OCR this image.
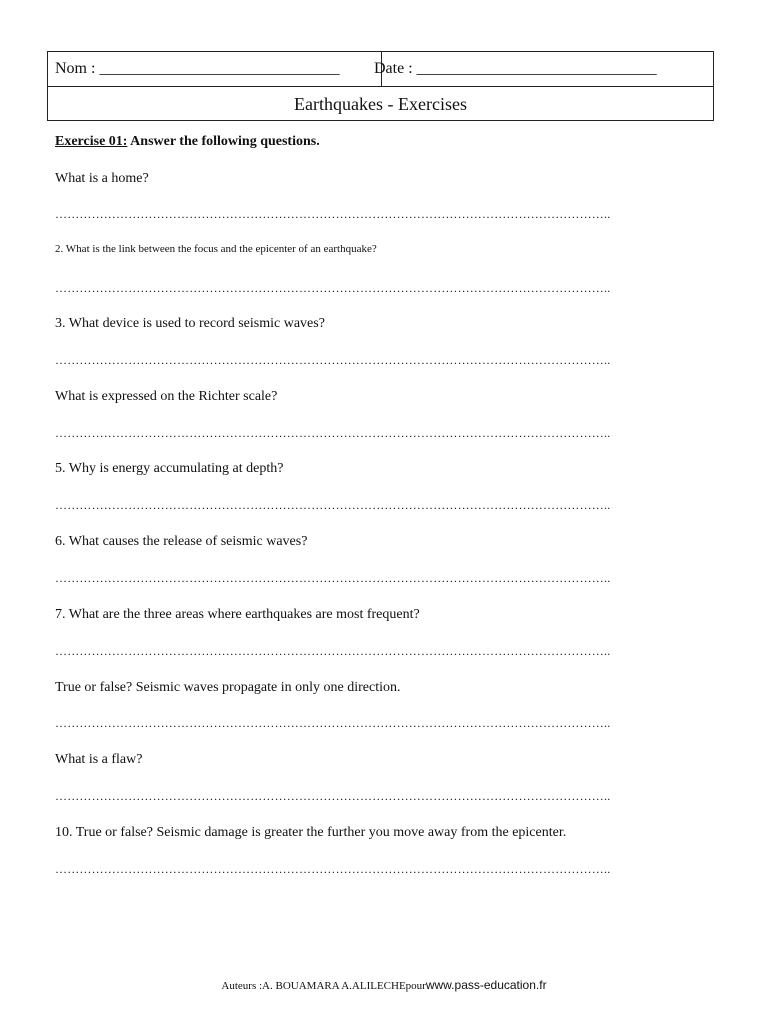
Nom : ______________________________ Date : ______________________________
Earthquakes - Exercises
Exercise 01: Answer the following questions.
What is a home?
………………………………………………………………………………………………………………………..
2. What is the link between the focus and the epicenter of an earthquake?
………………………………………………………………………………………………………………………..
3. What device is used to record seismic waves?
………………………………………………………………………………………………………………………..
What is expressed on the Richter scale?
………………………………………………………………………………………………………………………..
5. Why is energy accumulating at depth?
………………………………………………………………………………………………………………………..
6. What causes the release of seismic waves?
………………………………………………………………………………………………………………………..
7. What are the three areas where earthquakes are most frequent?
………………………………………………………………………………………………………………………..
True or false? Seismic waves propagate in only one direction.
………………………………………………………………………………………………………………………..
What is a flaw?
………………………………………………………………………………………………………………………..
10. True or false? Seismic damage is greater the further you move away from the epicenter.
………………………………………………………………………………………………………………………..
Auteurs :A. BOUAMARA A.ALILECHEpourwww.pass-education.fr
